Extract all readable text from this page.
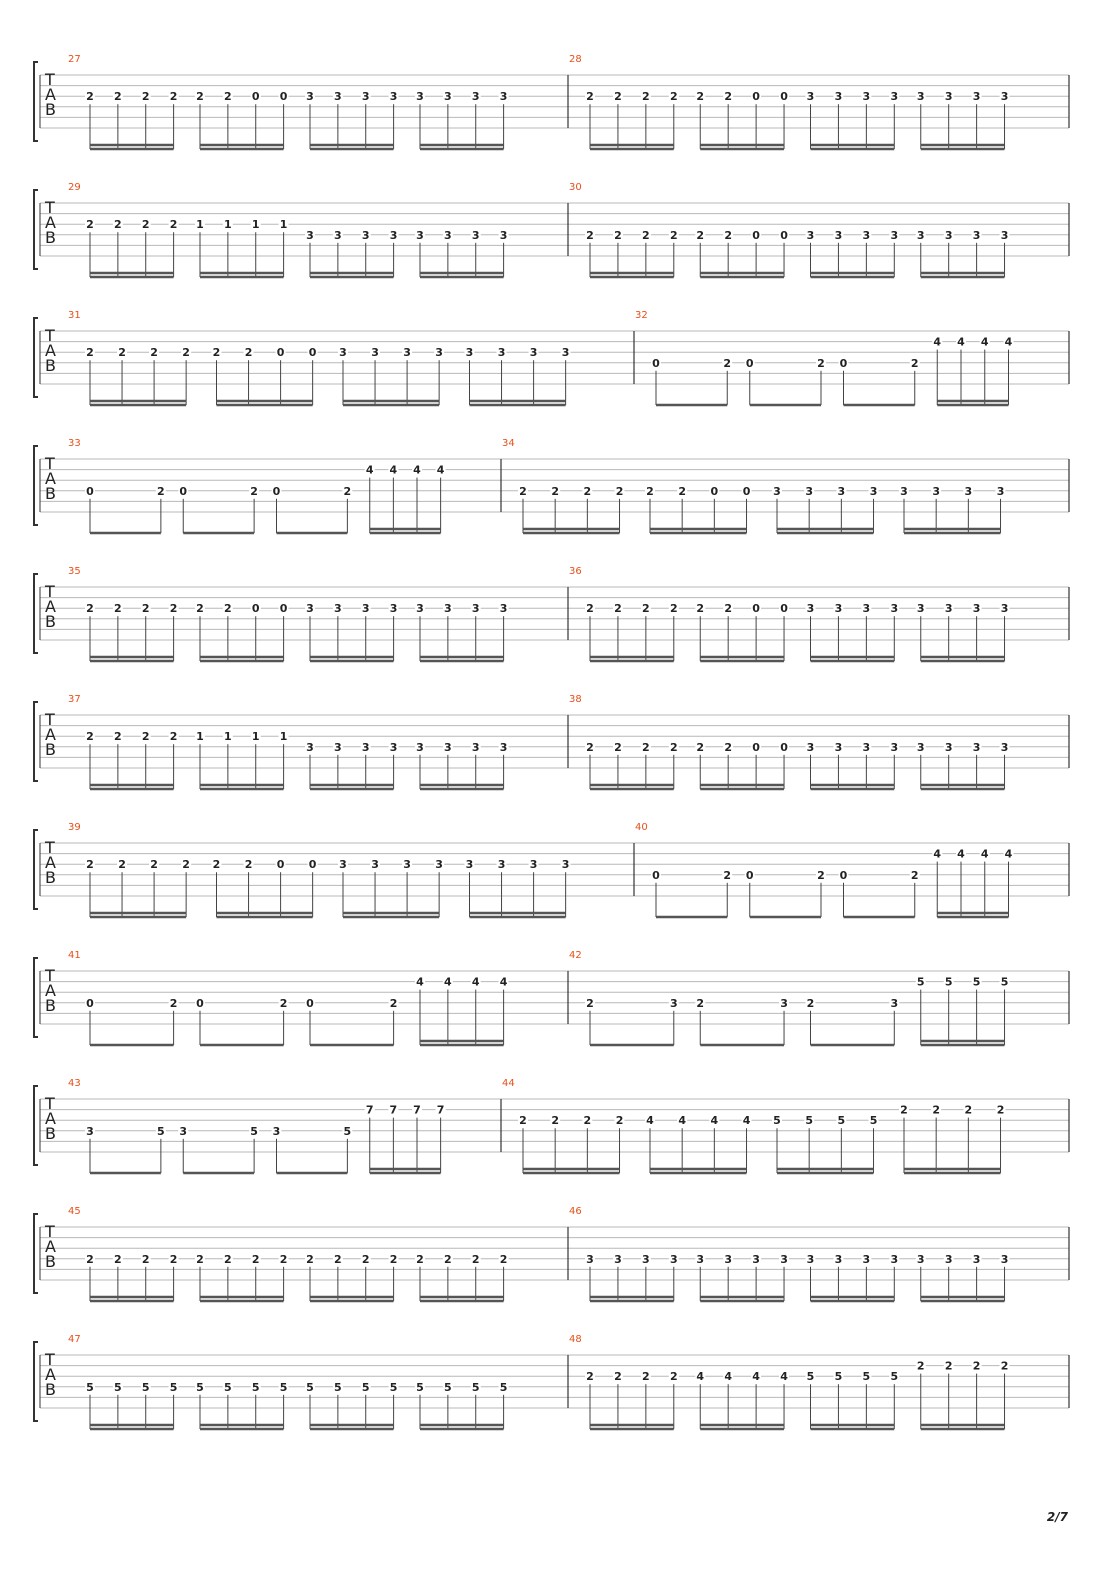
T
A
B
27
2 2 2 2 2 2 0 0 3 3 3 3 3 3 3 3
28
2 2 2 2 2 2 0 0 3 3 3 3 3 3 3 3
T
A
B
29
2 2 2 2 1 1 1 1
3 3 3 3 3 3 3 3
30
2 2 2 2 2 2 0 0 3 3 3 3 3 3 3 3
T
A
B
31
2 2 2 2 2 2 0 0 3 3 3 3 3 3 3 3
32
0	2 0	2 0	2
4 4 4 4
T
A
B
33
0	2 0	2 0	2
4 4 4 4
34
2 2 2 2 2 2 0 0 3 3 3 3 3 3 3 3
T
A
B
35
2 2 2 2 2 2 0 0 3 3 3 3 3 3 3 3
36
2 2 2 2 2 2 0 0 3 3 3 3 3 3 3 3
T
A
B
37
2 2 2 2 1 1 1 1
3 3 3 3 3 3 3 3
38
2 2 2 2 2 2 0 0 3 3 3 3 3 3 3 3
T
A
B
39
2 2 2 2 2 2 0 0 3 3 3 3 3 3 3 3
40
0	2 0	2 0	2
4 4 4 4
T
A
B
41
0	2 0	2 0	2
4 4 4 4
42
2	3 2	3 2	3
5 5 5 5
T
A
B
43
3	5 3	5 3	5
7 7 7 7
44
2 2 2 2 4 4 4 4 5 5 5 5
2 2 2 2
T
A
B
45
2 2 2 2 2 2 2 2 2 2 2 2 2 2 2 2
46
3 3 3 3 3 3 3 3 3 3 3 3 3 3 3 3
T
A
B
47
5 5 5 5 5 5 5 5 5 5 5 5 5 5 5 5
48
2 2 2 2 4 4 4 4 5 5 5 5
2 2 2 2
2/7
